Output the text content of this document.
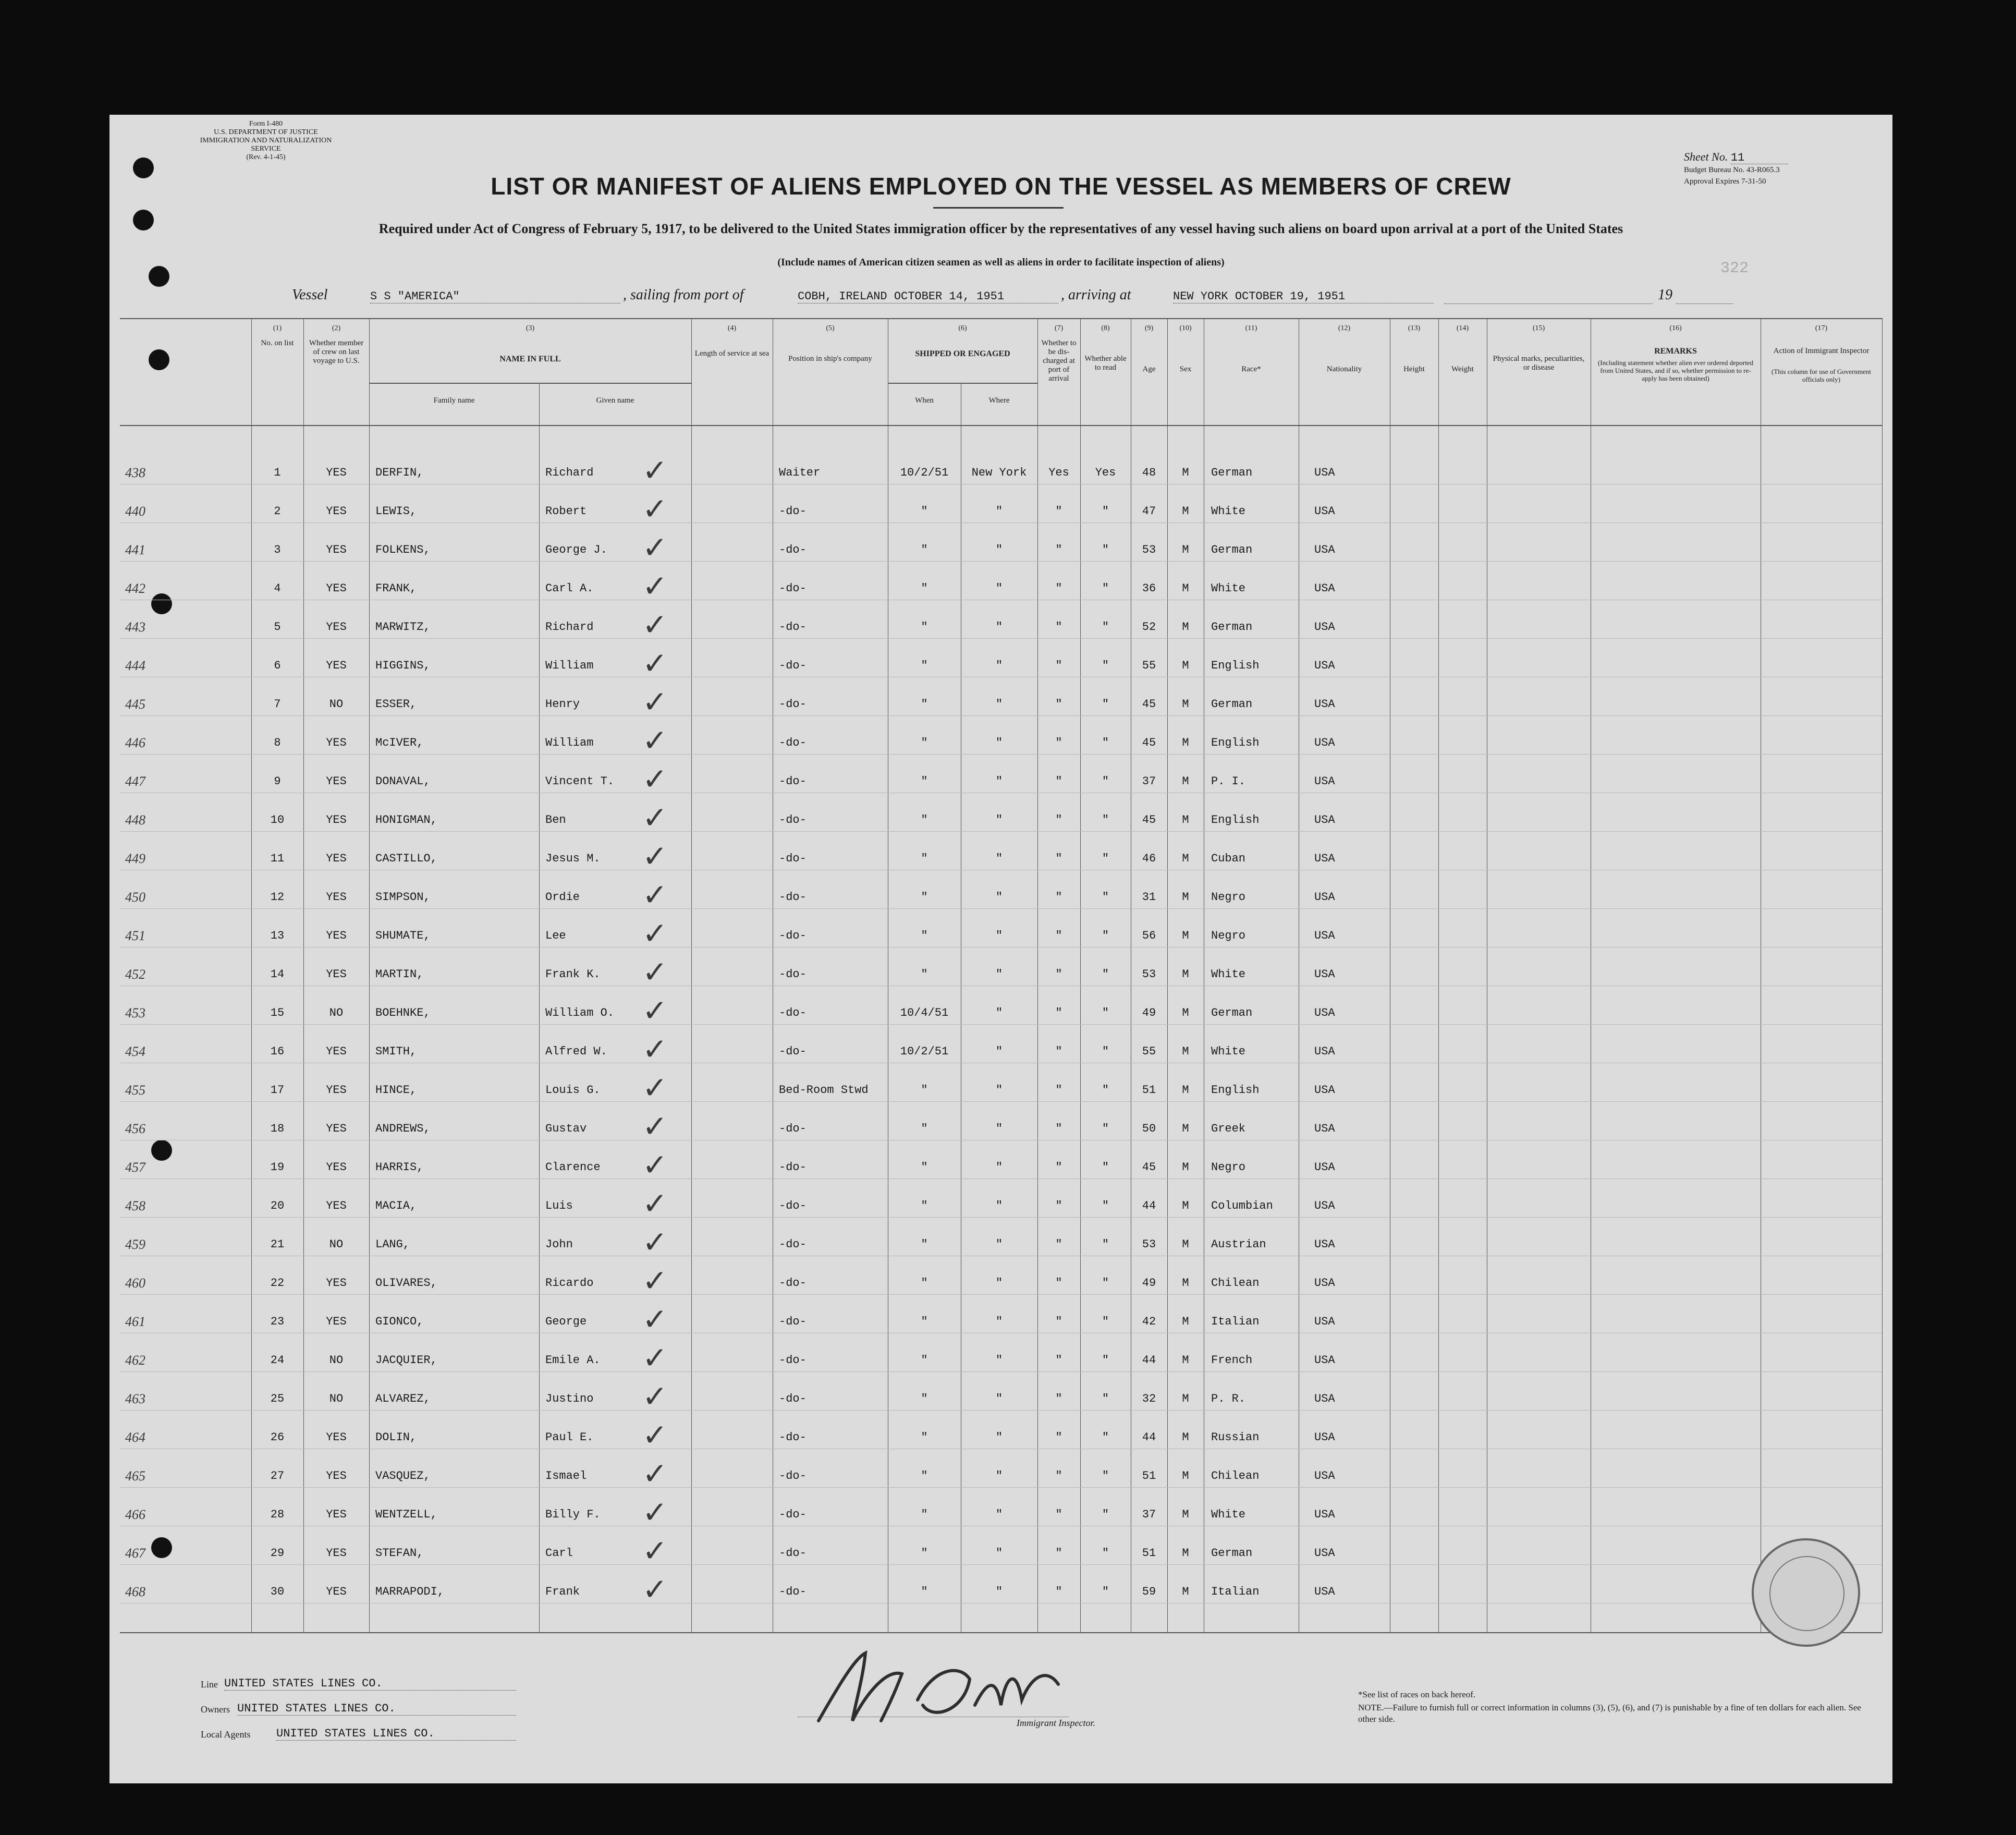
Form I-480
U.S. DEPARTMENT OF JUSTICE
IMMIGRATION AND NATURALIZATION SERVICE
(Rev. 4-1-45)	Sheet No. 11
Budget Bureau No. 43-R065.3
Approval Expires 7-31-50
LIST OR MANIFEST OF ALIENS EMPLOYED ON THE VESSEL AS MEMBERS OF CREW
Required under Act of Congress of February 5, 1917, to be delivered to the United States immigration officer by the representatives of any vessel having such aliens on board upon arrival at a port of the United States
(Include names of American citizen seamen as well as aliens in order to facilitate inspection of aliens)	322
Vessel	S S "AMERICA"	, sailing from port of	COBH, IRELAND OCTOBER 14, 1951	, arriving at	NEW YORK OCTOBER 19, 1951	19
(1)
No. on list
(2)
Whether member of crew on last voyage to U.S.
(3)
NAME IN FULL
Family name	Given name
(4)
Length of service at sea
(5)
Position in ship's company
(6)
SHIPPED OR ENGAGED
When	Where
(7)
Whether to be dis-charged at port of arrival
(8)
Whether able to read
(9)
Age
(10)
Sex
(11)
Race*
(12)
Nationality
(13)
Height
(14)
Weight
(15)
Physical marks, peculiarities, or disease
(16)
REMARKS
(Including statement whether alien ever ordered deported from United States, and if so, whether permission to re-apply has been obtained)
(17)
Action of Immigrant Inspector
(This column for use of Government officials only)
438	1	YES	DERFIN,	Richard	✓	Waiter	10/2/51	New York	Yes	Yes	48	M	German	USA
440	2	YES	LEWIS,	Robert	✓	-do-	"	"	"	"	47	M	White	USA
441	3	YES	FOLKENS,	George J.	✓	-do-	"	"	"	"	53	M	German	USA
442	4	YES	FRANK,	Carl A.	✓	-do-	"	"	"	"	36	M	White	USA
443	5	YES	MARWITZ,	Richard	✓	-do-	"	"	"	"	52	M	German	USA
444	6	YES	HIGGINS,	William	✓	-do-	"	"	"	"	55	M	English	USA
445	7	NO	ESSER,	Henry	✓	-do-	"	"	"	"	45	M	German	USA
446	8	YES	McIVER,	William	✓	-do-	"	"	"	"	45	M	English	USA
447	9	YES	DONAVAL,	Vincent T. ✓	-do-	"	"	"	"	37	M	P. I.	USA
448	10	YES	HONIGMAN,	Ben	✓	-do-	"	"	"	"	45	M	English	USA
449	11	YES	CASTILLO,	Jesus M.	✓	-do-	"	"	"	"	46	M	Cuban	USA
450	12	YES	SIMPSON,	Ordie	✓	-do-	"	"	"	"	31	M	Negro	USA
451	13	YES	SHUMATE,	Lee	✓	-do-	"	"	"	"	56	M	Negro	USA
452	14	YES	MARTIN,	Frank K.	✓	-do-	"	"	"	"	53	M	White	USA
453	15	NO	BOEHNKE,	William O. ✓	-do-	10/4/51	"	"	"	49	M	German	USA
454	16	YES	SMITH,	Alfred W.	✓	-do-	10/2/51	"	"	"	55	M	White	USA
455	17	YES	HINCE,	Louis G.	✓	Bed-Room Stwd	"	"	"	"	51	M	English	USA
456	18	YES	ANDREWS,	Gustav	✓	-do-	"	"	"	"	50	M	Greek	USA
457	19	YES	HARRIS,	Clarence	✓	-do-	"	"	"	"	45	M	Negro	USA
458	20	YES	MACIA,	Luis	✓	-do-	"	"	"	"	44	M	Columbian	USA
459	21	NO	LANG,	John	✓	-do-	"	"	"	"	53	M	Austrian	USA
460	22	YES	OLIVARES,	Ricardo	✓	-do-	"	"	"	"	49	M	Chilean	USA
461	23	YES	GIONCO,	George	✓	-do-	"	"	"	"	42	M	Italian	USA
462	24	NO	JACQUIER,	Emile A.	✓	-do-	"	"	"	"	44	M	French	USA
463	25	NO	ALVAREZ,	Justino	✓	-do-	"	"	"	"	32	M	P. R.	USA
464	26	YES	DOLIN,	Paul E.	✓	-do-	"	"	"	"	44	M	Russian	USA
465	27	YES	VASQUEZ,	Ismael	✓	-do-	"	"	"	"	51	M	Chilean	USA
466	28	YES	WENTZELL,	Billy F.	✓	-do-	"	"	"	"	37	M	White	USA
467	29	YES	STEFAN,	Carl	✓	-do-	"	"	"	"	51	M	German	USA
468	30	YES	MARRAPODI,	Frank	✓	-do-	"	"	"	"	59	M	Italian	USA
Line UNITED STATES LINES CO.
Owners UNITED STATES LINES CO.
Local Agents UNITED STATES LINES CO.
Immigrant Inspector.
*See list of races on back hereof.
NOTE.—Failure to furnish full or correct information in columns (3), (5), (6), and (7) is punishable by a fine of ten dollars for each alien. See other side.
